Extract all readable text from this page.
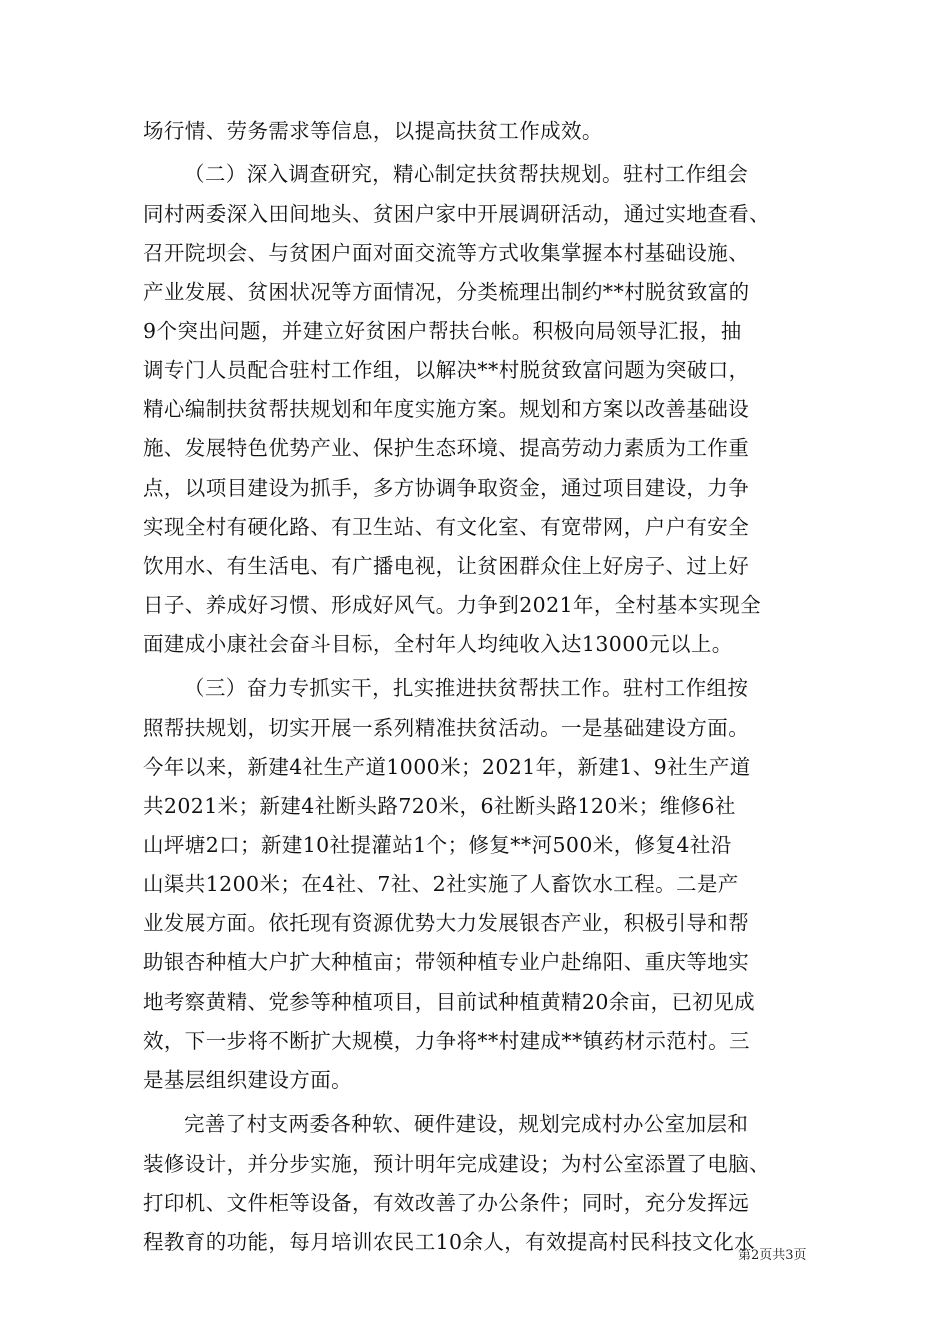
场行情、劳务需求等信息，以提高扶贫工作成效。
（二）深入调查研究，精心制定扶贫帮扶规划。驻村工作组会
同村两委深入田间地头、贫困户家中开展调研活动，通过实地查看、
召开院坝会、与贫困户面对面交流等方式收集掌握本村基础设施、
产业发展、贫困状况等方面情况，分类梳理出制约**村脱贫致富的
9个突出问题，并建立好贫困户帮扶台帐。积极向局领导汇报，抽
调专门人员配合驻村工作组，以解决**村脱贫致富问题为突破口，
精心编制扶贫帮扶规划和年度实施方案。规划和方案以改善基础设
施、发展特色优势产业、保护生态环境、提高劳动力素质为工作重
点，以项目建设为抓手，多方协调争取资金，通过项目建设，力争
实现全村有硬化路、有卫生站、有文化室、有宽带网，户户有安全
饮用水、有生活电、有广播电视，让贫困群众住上好房子、过上好
日子、养成好习惯、形成好风气。力争到2021年，全村基本实现全
面建成小康社会奋斗目标，全村年人均纯收入达13000元以上。
（三）奋力专抓实干，扎实推进扶贫帮扶工作。驻村工作组按
照帮扶规划，切实开展一系列精准扶贫活动。一是基础建设方面。
今年以来，新建4社生产道1000米；2021年，新建1、9社生产道
共2021米；新建4社断头路720米，6社断头路120米；维修6社
山坪塘2口；新建10社提灌站1个；修复**河500米，修复4社沿
山渠共1200米；在4社、7社、2社实施了人畜饮水工程。二是产
业发展方面。依托现有资源优势大力发展银杏产业，积极引导和帮
助银杏种植大户扩大种植亩；带领种植专业户赴绵阳、重庆等地实
地考察黄精、党参等种植项目，目前试种植黄精20余亩，已初见成
效，下一步将不断扩大规模，力争将**村建成**镇药材示范村。三
是基层组织建设方面。
完善了村支两委各种软、硬件建设，规划完成村办公室加层和
装修设计，并分步实施，预计明年完成建设；为村公室添置了电脑、
打印机、文件柜等设备，有效改善了办公条件；同时，充分发挥远
程教育的功能，每月培训农民工10余人，有效提高村民科技文化水
第2页共3页
